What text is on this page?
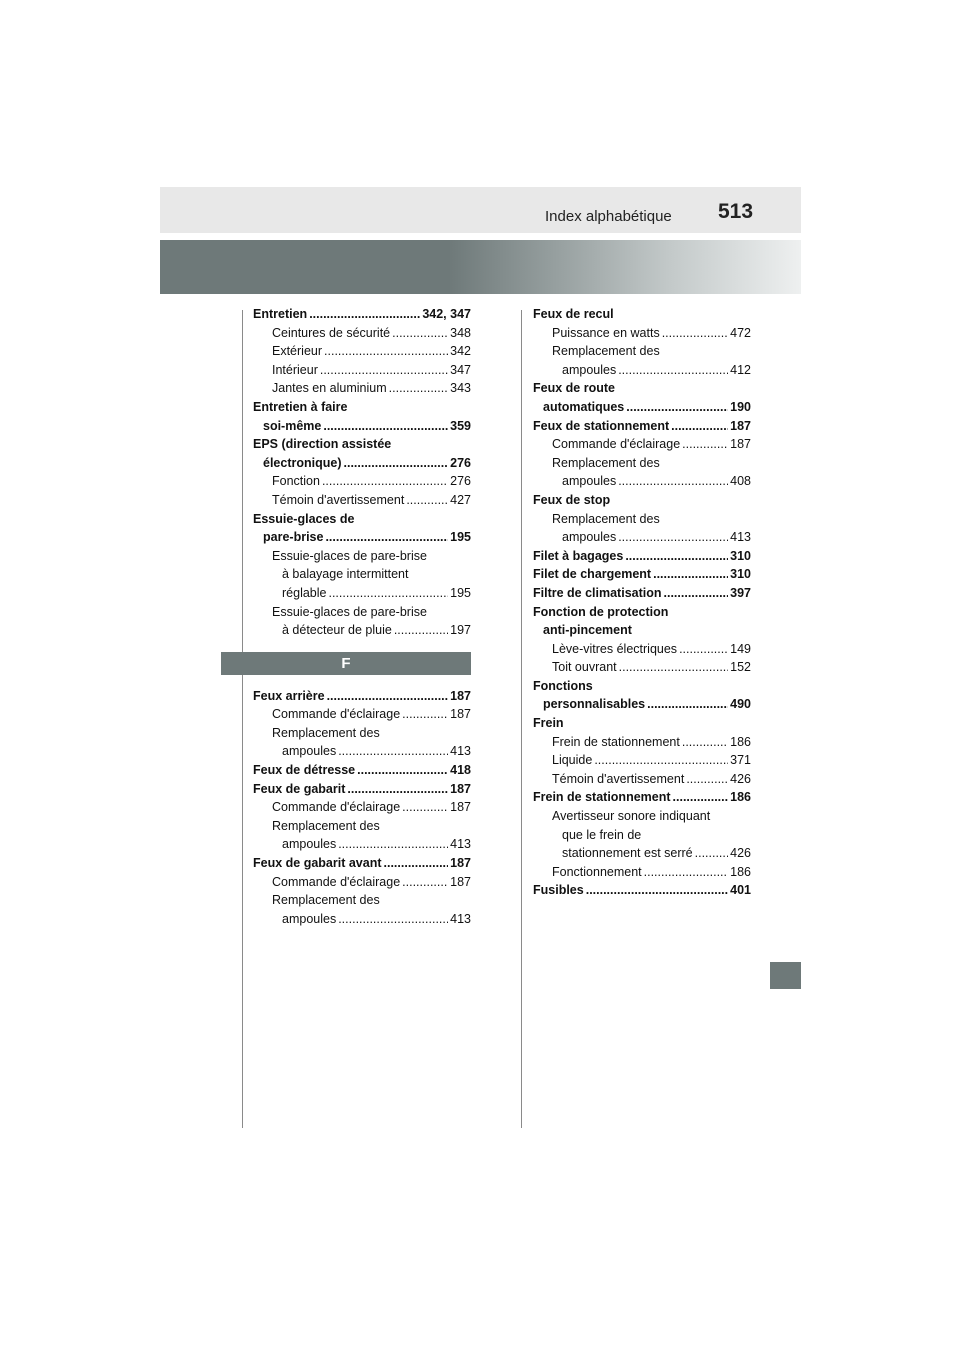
Index alphabétique 513
Entretien .....	342, 347
Ceintures de sécurité .....	348
Extérieur .....	342
Intérieur .....	347
Jantes en aluminium .....	343
Entretien à faire
soi-même .....	359
EPS (direction assistée
électronique) .....	276
Fonction .....	276
Témoin d'avertissement .....	427
Essuie-glaces de
pare-brise .....	195
Essuie-glaces de pare-brise
à balayage intermittent
réglable .....	195
Essuie-glaces de pare-brise
à détecteur de pluie .....	197
F
Feux arrière .....	187
Commande d'éclairage .....	187
Remplacement des
ampoules .....	413
Feux de détresse .....	418
Feux de gabarit .....	187
Commande d'éclairage .....	187
Remplacement des
ampoules .....	413
Feux de gabarit avant .....	187
Commande d'éclairage .....	187
Remplacement des
ampoules .....	413
Feux de recul
Puissance en watts .....	472
Remplacement des
ampoules .....	412
Feux de route
automatiques .....	190
Feux de stationnement .....	187
Commande d'éclairage .....	187
Remplacement des
ampoules .....	408
Feux de stop
Remplacement des
ampoules .....	413
Filet à bagages .....	310
Filet de chargement .....	310
Filtre de climatisation .....	397
Fonction de protection
anti-pincement
Lève-vitres électriques .....	149
Toit ouvrant .....	152
Fonctions
personnalisables .....	490
Frein
Frein de stationnement .....	186
Liquide .....	371
Témoin d'avertissement .....	426
Frein de stationnement .....	186
Avertisseur sonore indiquant
que le frein de
stationnement est serré .....	426
Fonctionnement .....	186
Fusibles .....	401
